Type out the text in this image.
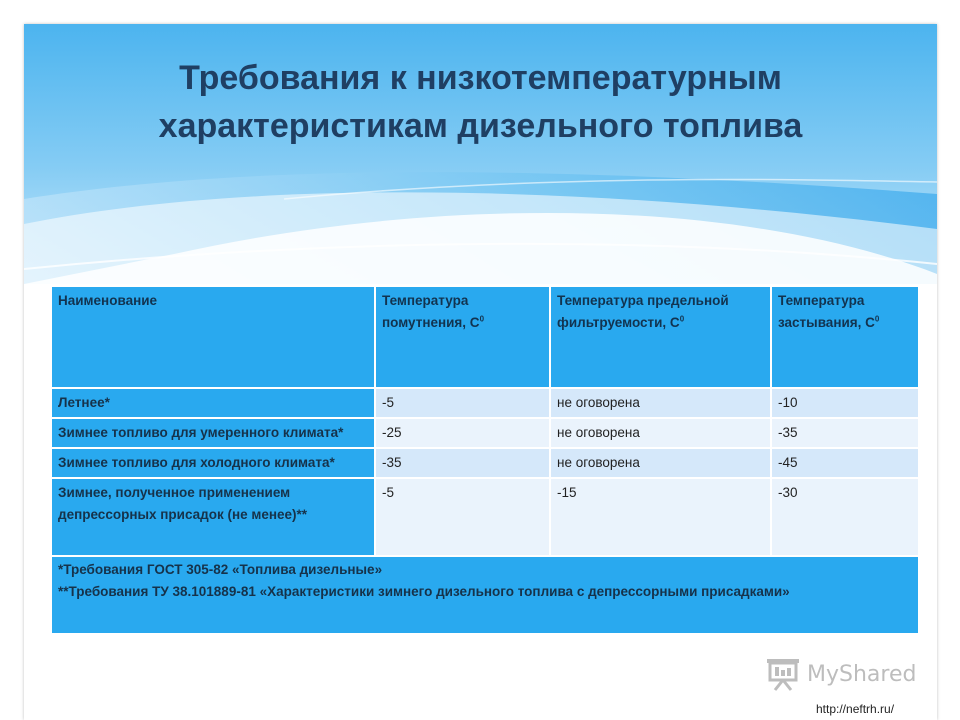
Требования к низкотемпературным
характеристикам дизельного топлива
Наименование	Температура помутнения, $С^0$	Температура предельной фильтруемости, $С^0$	Температура застывания, $С^0$
Летнее*	-5	не оговорена	-10
Зимнее топливо для умеренного климата*	-25	не оговорена	-35
Зимнее топливо для холодного климата*	-35	не оговорена	-45
Зимнее, полученное применением депрессорных присадок (не менее)**	-5	-15	-30

*Требования ГОСТ 305-82 «Топлива дизельные»
**Требования ТУ 38.101889-81 «Характеристики зимнего дизельного топлива с депрессорными присадками»			
MyShared
http://neftrh.ru/
